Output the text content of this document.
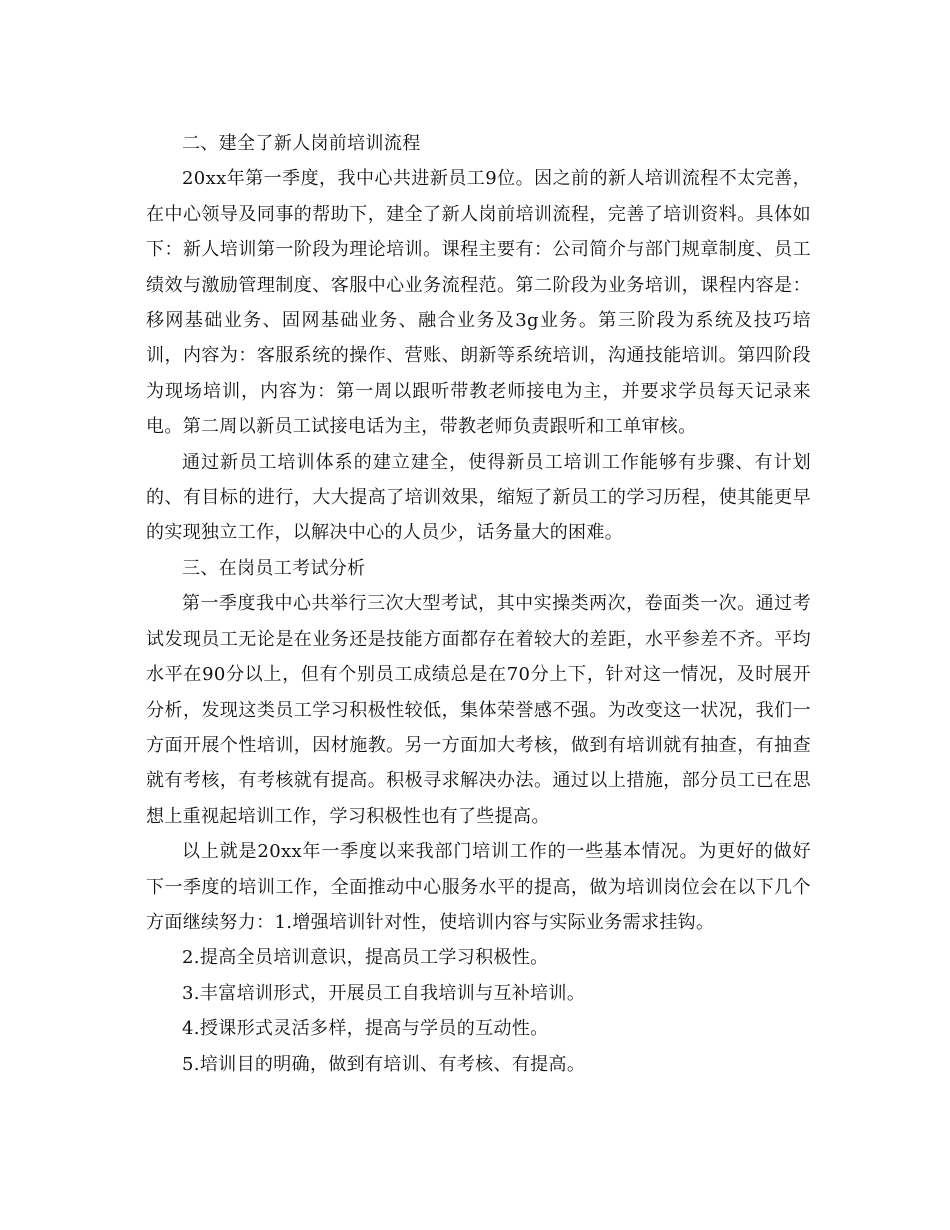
二、建全了新人岗前培训流程

20xx年第一季度，我中心共进新员工9位。因之前的新人培训流程不太完善，在中心领导及同事的帮助下，建全了新人岗前培训流程，完善了培训资料。具体如下：新人培训第一阶段为理论培训。课程主要有：公司简介与部门规章制度、员工绩效与激励管理制度、客服中心业务流程范。第二阶段为业务培训，课程内容是：移网基础业务、固网基础业务、融合业务及3g业务。第三阶段为系统及技巧培训，内容为：客服系统的操作、营账、朗新等系统培训，沟通技能培训。第四阶段为现场培训，内容为：第一周以跟听带教老师接电为主，并要求学员每天记录来电。第二周以新员工试接电话为主，带教老师负责跟听和工单审核。

通过新员工培训体系的建立建全，使得新员工培训工作能够有步骤、有计划的、有目标的进行，大大提高了培训效果，缩短了新员工的学习历程，使其能更早的实现独立工作，以解决中心的人员少，话务量大的困难。

三、在岗员工考试分析

第一季度我中心共举行三次大型考试，其中实操类两次，卷面类一次。通过考试发现员工无论是在业务还是技能方面都存在着较大的差距，水平参差不齐。平均水平在90分以上，但有个别员工成绩总是在70分上下，针对这一情况，及时展开分析，发现这类员工学习积极性较低，集体荣誉感不强。为改变这一状况，我们一方面开展个性培训，因材施教。另一方面加大考核，做到有培训就有抽查，有抽查就有考核，有考核就有提高。积极寻求解决办法。通过以上措施，部分员工已在思想上重视起培训工作，学习积极性也有了些提高。

以上就是20xx年一季度以来我部门培训工作的一些基本情况。为更好的做好下一季度的培训工作，全面推动中心服务水平的提高，做为培训岗位会在以下几个方面继续努力：1.增强培训针对性，使培训内容与实际业务需求挂钩。

2.提高全员培训意识，提高员工学习积极性。

3.丰富培训形式，开展员工自我培训与互补培训。

4.授课形式灵活多样，提高与学员的互动性。

5.培训目的明确，做到有培训、有考核、有提高。
